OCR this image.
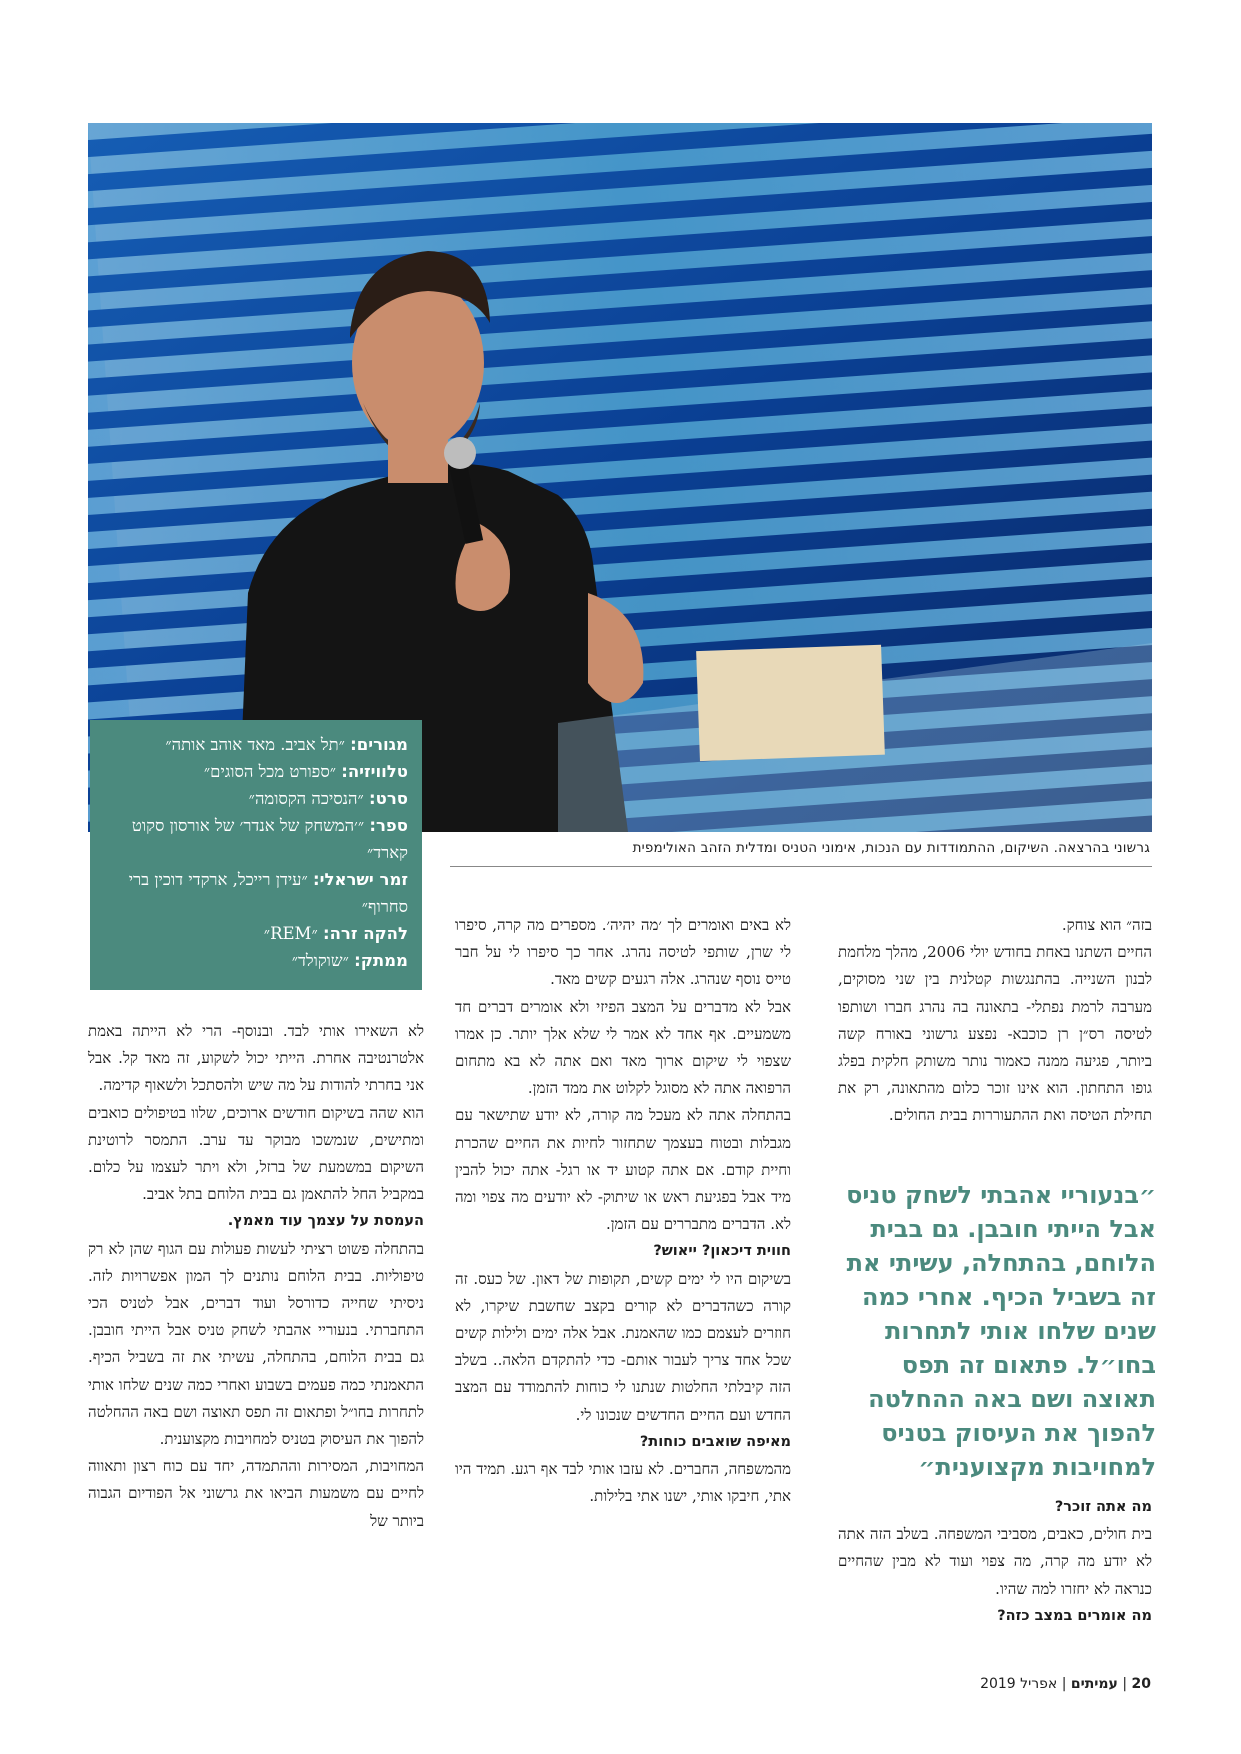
גרשוני בהרצאה. השיקום, ההתמודדות עם הנכות, אימוני הטניס ומדלית הזהב האולימפית
מגורים: ״תל אביב. מאד אוהב אותה״
טלוויזיה: ״ספורט מכל הסוגים״
סרט: ״הנסיכה הקסומה״
ספר: ״׳המשחק של אנדר׳ של אורסון סקוט קארד״
זמר ישראלי: ״עידן רייכל, ארקדי דוכין ברי סחרוף״
להקה זרה: ״REM״
ממתק: ״שוקולד״

בזה״ הוא צוחק.

החיים השתנו באחת בחודש יולי 2006, מהלך מלחמת לבנון השנייה. בהתנגשות קטלנית בין שני מסוקים, מערבה לרמת נפתלי- בתאונה בה נהרג חברו ושותפו לטיסה רס״ן רן כוכבא- נפצע גרשוני באורח קשה ביותר, פגיעה ממנה כאמור נותר משותק חלקית בפלג גופו התחתון. הוא אינו זוכר כלום מהתאונה, רק את תחילת הטיסה ואת ההתעוררות בבית החולים.

״בנעוריי אהבתי לשחק טניס אבל הייתי חובבן. גם בבית הלוחם, בהתחלה, עשיתי את זה בשביל הכיף. אחרי כמה שנים שלחו אותי לתחרות בחו״ל. פתאום זה תפס תאוצה ושם באה ההחלטה להפוך את העיסוק בטניס למחויבות מקצוענית״

מה אתה זוכר?

בית חולים, כאבים, מסביבי המשפחה. בשלב הזה אתה לא יודע מה קרה, מה צפוי ועוד לא מבין שהחיים כנראה לא יחזרו למה שהיו.

מה אומרים במצב כזה?

לא באים ואומרים לך ׳מה יהיה׳. מספרים מה קרה, סיפרו לי שרן, שותפי לטיסה נהרג. אחר כך סיפרו לי על חבר טייס נוסף שנהרג. אלה רגעים קשים מאד.

אבל לא מדברים על המצב הפיזי ולא אומרים דברים חד משמעיים. אף אחד לא אמר לי שלא אלך יותר. כן אמרו שצפוי לי שיקום ארוך מאד ואם אתה לא בא מתחום הרפואה אתה לא מסוגל לקלוט את ממד הזמן.

בהתחלה אתה לא מעכל מה קורה, לא יודע שתישאר עם מגבלות ובטוח בעצמך שתחזור לחיות את החיים שהכרת וחיית קודם. אם אתה קטוע יד או רגל- אתה יכול להבין מיד אבל בפגיעת ראש או שיתוק- לא יודעים מה צפוי ומה לא. הדברים מתבררים עם הזמן.

חווית דיכאון? ייאוש?

בשיקום היו לי ימים קשים, תקופות של דאון. של כעס. זה קורה כשהדברים לא קורים בקצב שחשבת שיקרו, לא חוזרים לעצמם כמו שהאמנת. אבל אלה ימים ולילות קשים שכל אחד צריך לעבור אותם- כדי להתקדם הלאה.. בשלב הזה קיבלתי החלטות שנתנו לי כוחות להתמודד עם המצב החדש ועם החיים החדשים שנכונו לי.

מאיפה שואבים כוחות?

מהמשפחה, החברים. לא עזבו אותי לבד אף רגע. תמיד היו אתי, חיבקו אותי, ישנו אתי בלילות.

לא השאירו אותי לבד. ובנוסף- הרי לא הייתה באמת אלטרנטיבה אחרת. הייתי יכול לשקוע, זה מאד קל. אבל אני בחרתי להודות על מה שיש ולהסתכל ולשאוף קדימה.

הוא שהה בשיקום חודשים ארוכים, שלוו בטיפולים כואבים ומתישים, שנמשכו מבוקר עד ערב. התמסר לרוטינת השיקום במשמעת של ברזל, ולא ויתר לעצמו על כלום. במקביל החל להתאמן גם בבית הלוחם בתל אביב.

העמסת על עצמך עוד מאמץ.

בהתחלה פשוט רציתי לעשות פעולות עם הגוף שהן לא רק טיפוליות. בבית הלוחם נותנים לך המון אפשרויות לזה. ניסיתי שחייה כדורסל ועוד דברים, אבל לטניס הכי התחברתי. בנעוריי אהבתי לשחק טניס אבל הייתי חובבן. גם בבית הלוחם, בהתחלה, עשיתי את זה בשביל הכיף. התאמנתי כמה פעמים בשבוע ואחרי כמה שנים שלחו אותי לתחרות בחו״ל ופתאום זה תפס תאוצה ושם באה ההחלטה להפוך את העיסוק בטניס למחויבות מקצוענית.

המחויבות, המסירות וההתמדה, יחד עם כוח רצון ותאווה לחיים עם משמעות הביאו את גרשוני אל הפודיום הגבוה ביותר של

20 | עמיתים | אפריל 2019
